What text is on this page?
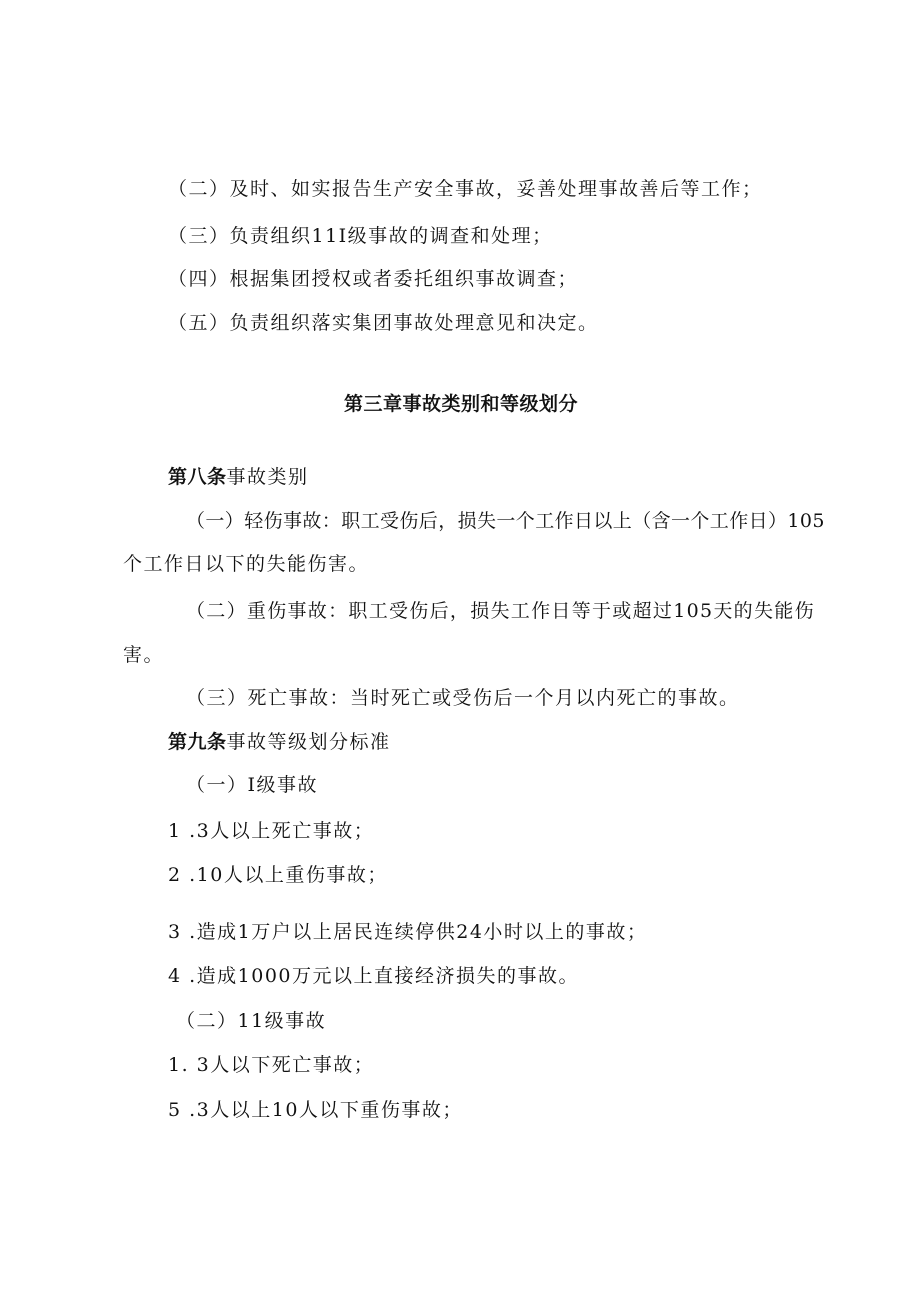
（二）及时、如实报告生产安全事故，妥善处理事故善后等工作；
（三）负责组织11I级事故的调查和处理；
（四）根据集团授权或者委托组织事故调查；
（五）负责组织落实集团事故处理意见和决定。
第三章事故类别和等级划分
第八条事故类别
（一）轻伤事故：职工受伤后，损失一个工作日以上（含一个工作日）105
个工作日以下的失能伤害。
（二）重伤事故：职工受伤后，损失工作日等于或超过105天的失能伤
害。
（三）死亡事故：当时死亡或受伤后一个月以内死亡的事故。
第九条事故等级划分标准
（一）I级事故
1 .3人以上死亡事故；
2 .10人以上重伤事故；
3 .造成1万户以上居民连续停供24小时以上的事故；
4 .造成1000万元以上直接经济损失的事故。
（二）11级事故
1. 3人以下死亡事故；
5 .3人以上10人以下重伤事故；
